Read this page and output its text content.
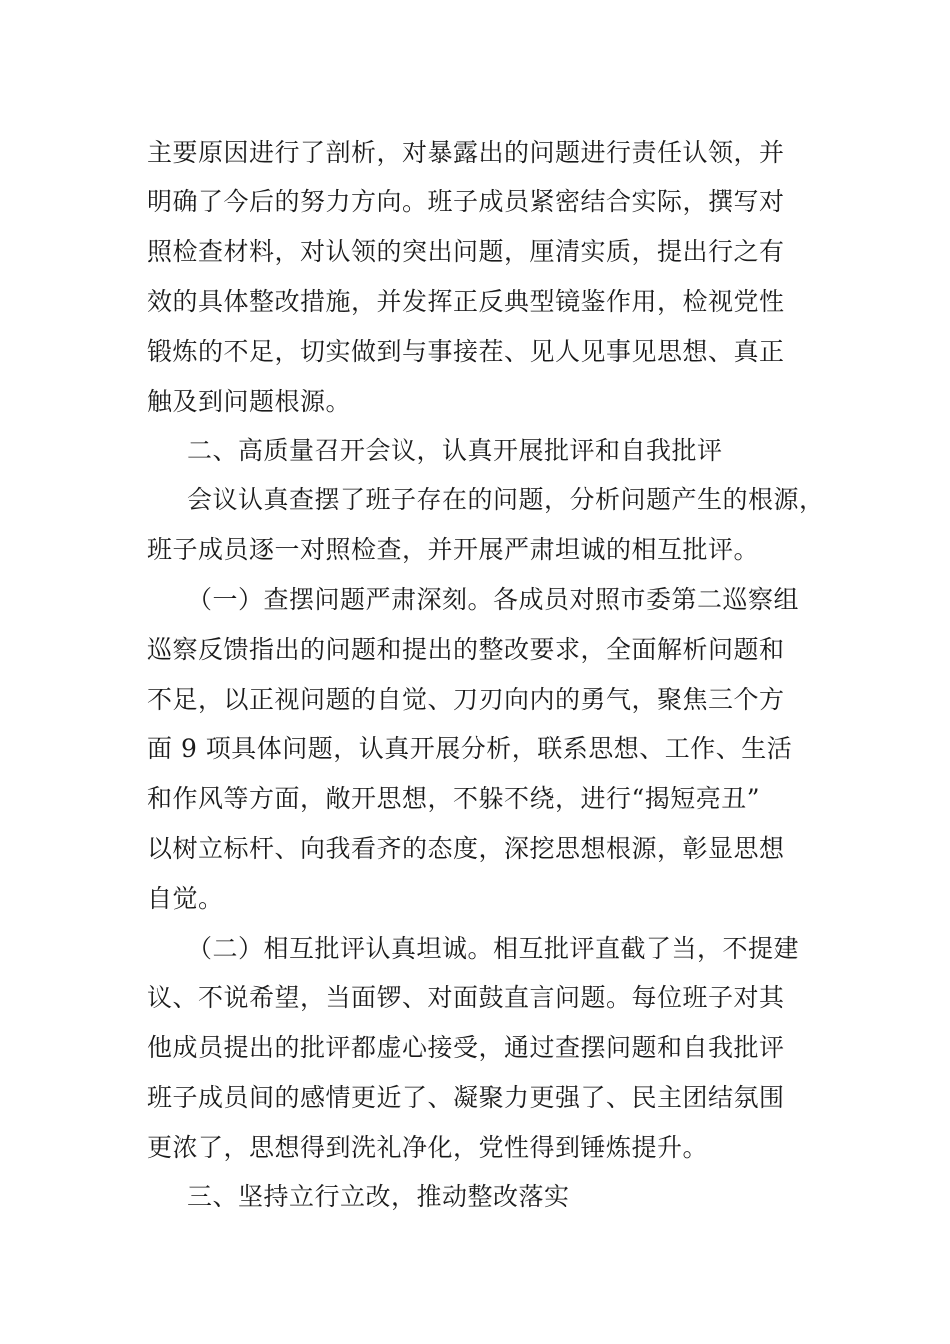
主要原因进行了剖析，对暴露出的问题进行责任认领，并
明确了今后的努力方向。班子成员紧密结合实际，撰写对
照检查材料，对认领的突出问题，厘清实质，提出行之有
效的具体整改措施，并发挥正反典型镜鉴作用，检视党性
锻炼的不足，切实做到与事接茬、见人见事见思想、真正
触及到问题根源。
二、高质量召开会议，认真开展批评和自我批评
会议认真查摆了班子存在的问题，分析问题产生的根源，
班子成员逐一对照检查，并开展严肃坦诚的相互批评。
（一）查摆问题严肃深刻。各成员对照市委第二巡察组
巡察反馈指出的问题和提出的整改要求，全面解析问题和
不足，以正视问题的自觉、刀刃向内的勇气，聚焦三个方
面 9 项具体问题，认真开展分析，联系思想、工作、生活
和作风等方面，敞开思想，不躲不绕，进行“揭短亮丑”
以树立标杆、向我看齐的态度，深挖思想根源，彰显思想
自觉。
（二）相互批评认真坦诚。相互批评直截了当，不提建
议、不说希望，当面锣、对面鼓直言问题。每位班子对其
他成员提出的批评都虚心接受，通过查摆问题和自我批评
班子成员间的感情更近了、凝聚力更强了、民主团结氛围
更浓了，思想得到洗礼净化，党性得到锤炼提升。
三、坚持立行立改，推动整改落实
